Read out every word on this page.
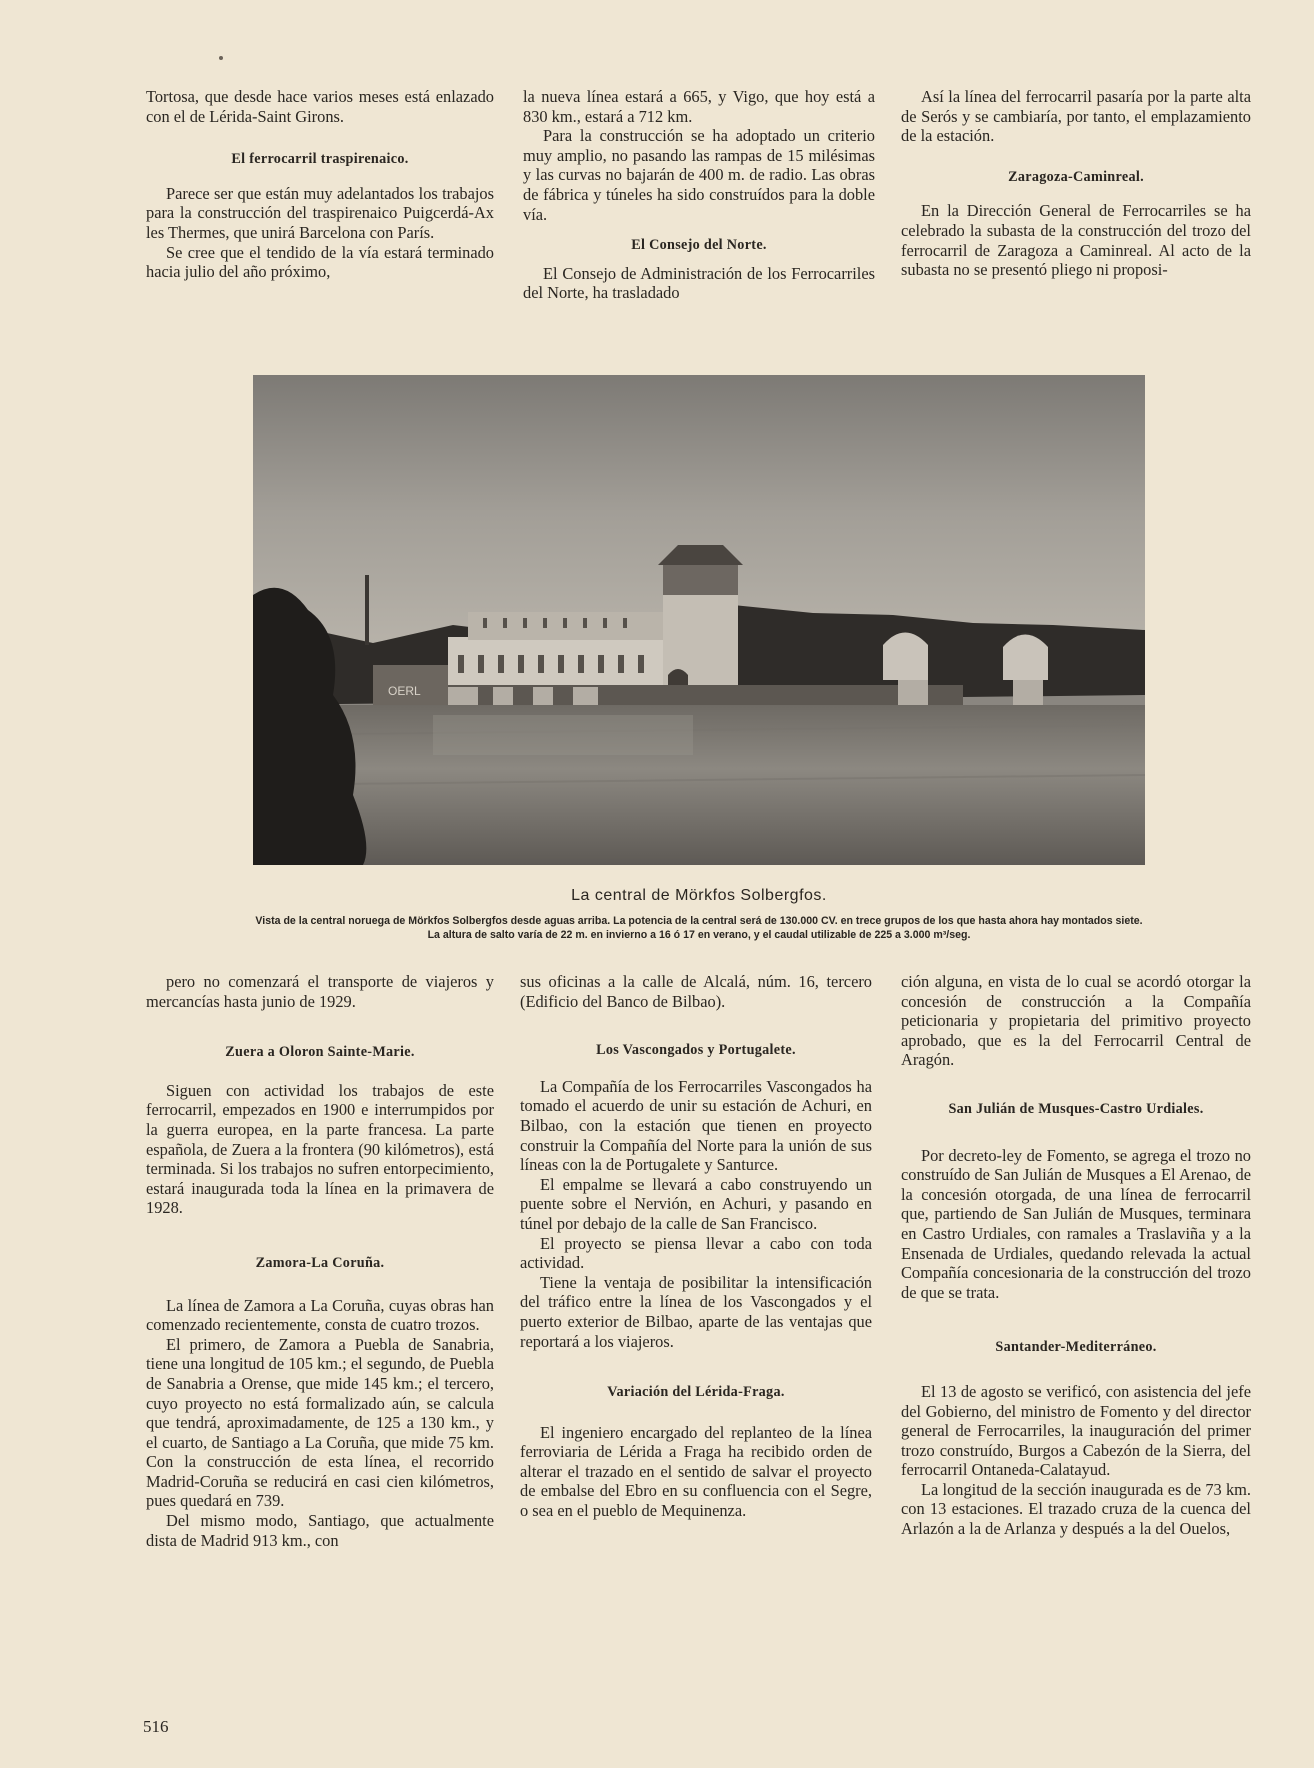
Tortosa, que desde hace varios meses está enlazado con el de Lérida-Saint Girons.

El ferrocarril traspirenaico.

Parece ser que están muy adelantados los trabajos para la construcción del traspirenaico Puigcerdá-Ax les Thermes, que unirá Barcelona con París.

Se cree que el tendido de la vía estará terminado hacia julio del año próximo,

la nueva línea estará a 665, y Vigo, que hoy está a 830 km., estará a 712 km.

Para la construcción se ha adoptado un criterio muy amplio, no pasando las rampas de 15 milésimas y las curvas no bajarán de 400 m. de radio. Las obras de fábrica y túneles ha sido construídos para la doble vía.

El Consejo del Norte.

El Consejo de Administración de los Ferrocarriles del Norte, ha trasladado

Así la línea del ferrocarril pasaría por la parte alta de Serós y se cambiaría, por tanto, el emplazamiento de la estación.

Zaragoza-Caminreal.

En la Dirección General de Ferrocarriles se ha celebrado la subasta de la construcción del trozo del ferrocarril de Zaragoza a Caminreal. Al acto de la subasta no se presentó pliego ni proposi-

OERL
La central de Mörkfos Solbergfos.
Vista de la central noruega de Mörkfos Solbergfos desde aguas arriba. La potencia de la central será de 130.000 CV. en trece grupos de los que hasta ahora hay montados siete.
La altura de salto varía de 22 m. en invierno a 16 ó 17 en verano, y el caudal utilizable de 225 a 3.000 m³/seg.

pero no comenzará el transporte de viajeros y mercancías hasta junio de 1929.

Zuera a Oloron Sainte-Marie.

Siguen con actividad los trabajos de este ferrocarril, empezados en 1900 e interrumpidos por la guerra europea, en la parte francesa. La parte española, de Zuera a la frontera (90 kilómetros), está terminada. Si los trabajos no sufren entorpecimiento, estará inaugurada toda la línea en la primavera de 1928.

Zamora-La Coruña.

La línea de Zamora a La Coruña, cuyas obras han comenzado recientemente, consta de cuatro trozos.

El primero, de Zamora a Puebla de Sanabria, tiene una longitud de 105 km.; el segundo, de Puebla de Sanabria a Orense, que mide 145 km.; el tercero, cuyo proyecto no está formalizado aún, se calcula que tendrá, aproximadamente, de 125 a 130 km., y el cuarto, de Santiago a La Coruña, que mide 75 km. Con la construcción de esta línea, el recorrido Madrid-Coruña se reducirá en casi cien kilómetros, pues quedará en 739.

Del mismo modo, Santiago, que actualmente dista de Madrid 913 km., con

sus oficinas a la calle de Alcalá, núm. 16, tercero (Edificio del Banco de Bilbao).

Los Vascongados y Portugalete.

La Compañía de los Ferrocarriles Vascongados ha tomado el acuerdo de unir su estación de Achuri, en Bilbao, con la estación que tienen en proyecto construir la Compañía del Norte para la unión de sus líneas con la de Portugalete y Santurce.

El empalme se llevará a cabo construyendo un puente sobre el Nervión, en Achuri, y pasando en túnel por debajo de la calle de San Francisco.

El proyecto se piensa llevar a cabo con toda actividad.

Tiene la ventaja de posibilitar la intensificación del tráfico entre la línea de los Vascongados y el puerto exterior de Bilbao, aparte de las ventajas que reportará a los viajeros.

Variación del Lérida-Fraga.

El ingeniero encargado del replanteo de la línea ferroviaria de Lérida a Fraga ha recibido orden de alterar el trazado en el sentido de salvar el proyecto de embalse del Ebro en su confluencia con el Segre, o sea en el pueblo de Mequinenza.

ción alguna, en vista de lo cual se acordó otorgar la concesión de construcción a la Compañía peticionaria y propietaria del primitivo proyecto aprobado, que es la del Ferrocarril Central de Aragón.

San Julián de Musques-Castro Urdiales.

Por decreto-ley de Fomento, se agrega el trozo no construído de San Julián de Musques a El Arenao, de la concesión otorgada, de una línea de ferrocarril que, partiendo de San Julián de Musques, terminara en Castro Urdiales, con ramales a Traslaviña y a la Ensenada de Urdiales, quedando relevada la actual Compañía concesionaria de la construcción del trozo de que se trata.

Santander-Mediterráneo.

El 13 de agosto se verificó, con asistencia del jefe del Gobierno, del ministro de Fomento y del director general de Ferrocarriles, la inauguración del primer trozo construído, Burgos a Cabezón de la Sierra, del ferrocarril Ontaneda-Calatayud.

La longitud de la sección inaugurada es de 73 km. con 13 estaciones. El trazado cruza de la cuenca del Arlazón a la de Arlanza y después a la del Ouelos,

516
